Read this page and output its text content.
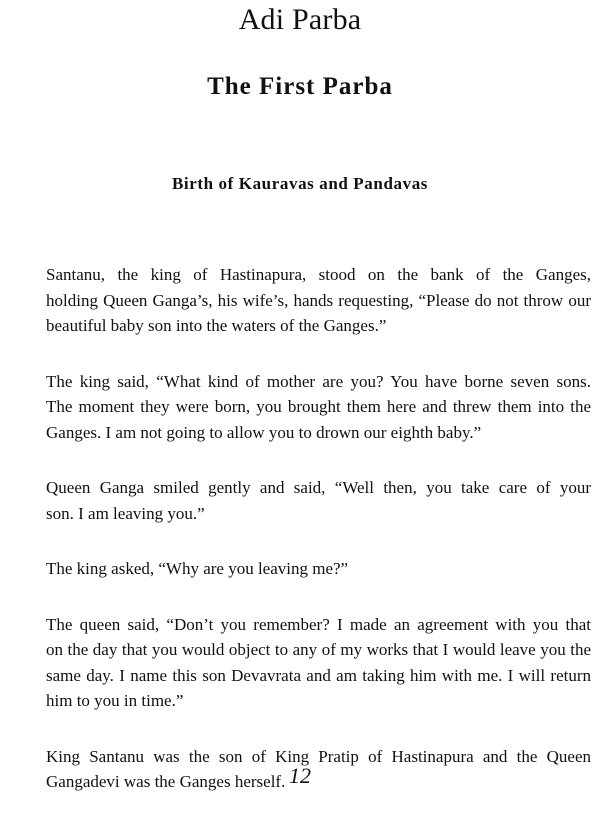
Adi Parba
The First Parba
Birth of Kauravas and Pandavas

Santanu, the king of Hastinapura, stood on the bank of the Ganges,
holding Queen Ganga’s, his wife’s, hands requesting, “Please do not throw our
beautiful baby son into the waters of the Ganges.”

The king said, “What kind of mother are you? You have borne seven sons.
The moment they were born, you brought them here and threw them into the
Ganges. I am not going to allow you to drown our eighth baby.”

Queen Ganga smiled gently and said, “Well then, you take care of your
son. I am leaving you.”

The king asked, “Why are you leaving me?”

The queen said, “Don’t you remember? I made an agreement with you that
on the day that you would object to any of my works that I would leave you the
same day. I name this son Devavrata and am taking him with me. I will return
him to you in time.”

King Santanu was the son of King Pratip of Hastinapura and the Queen
Gangadevi was the Ganges herself. 12
